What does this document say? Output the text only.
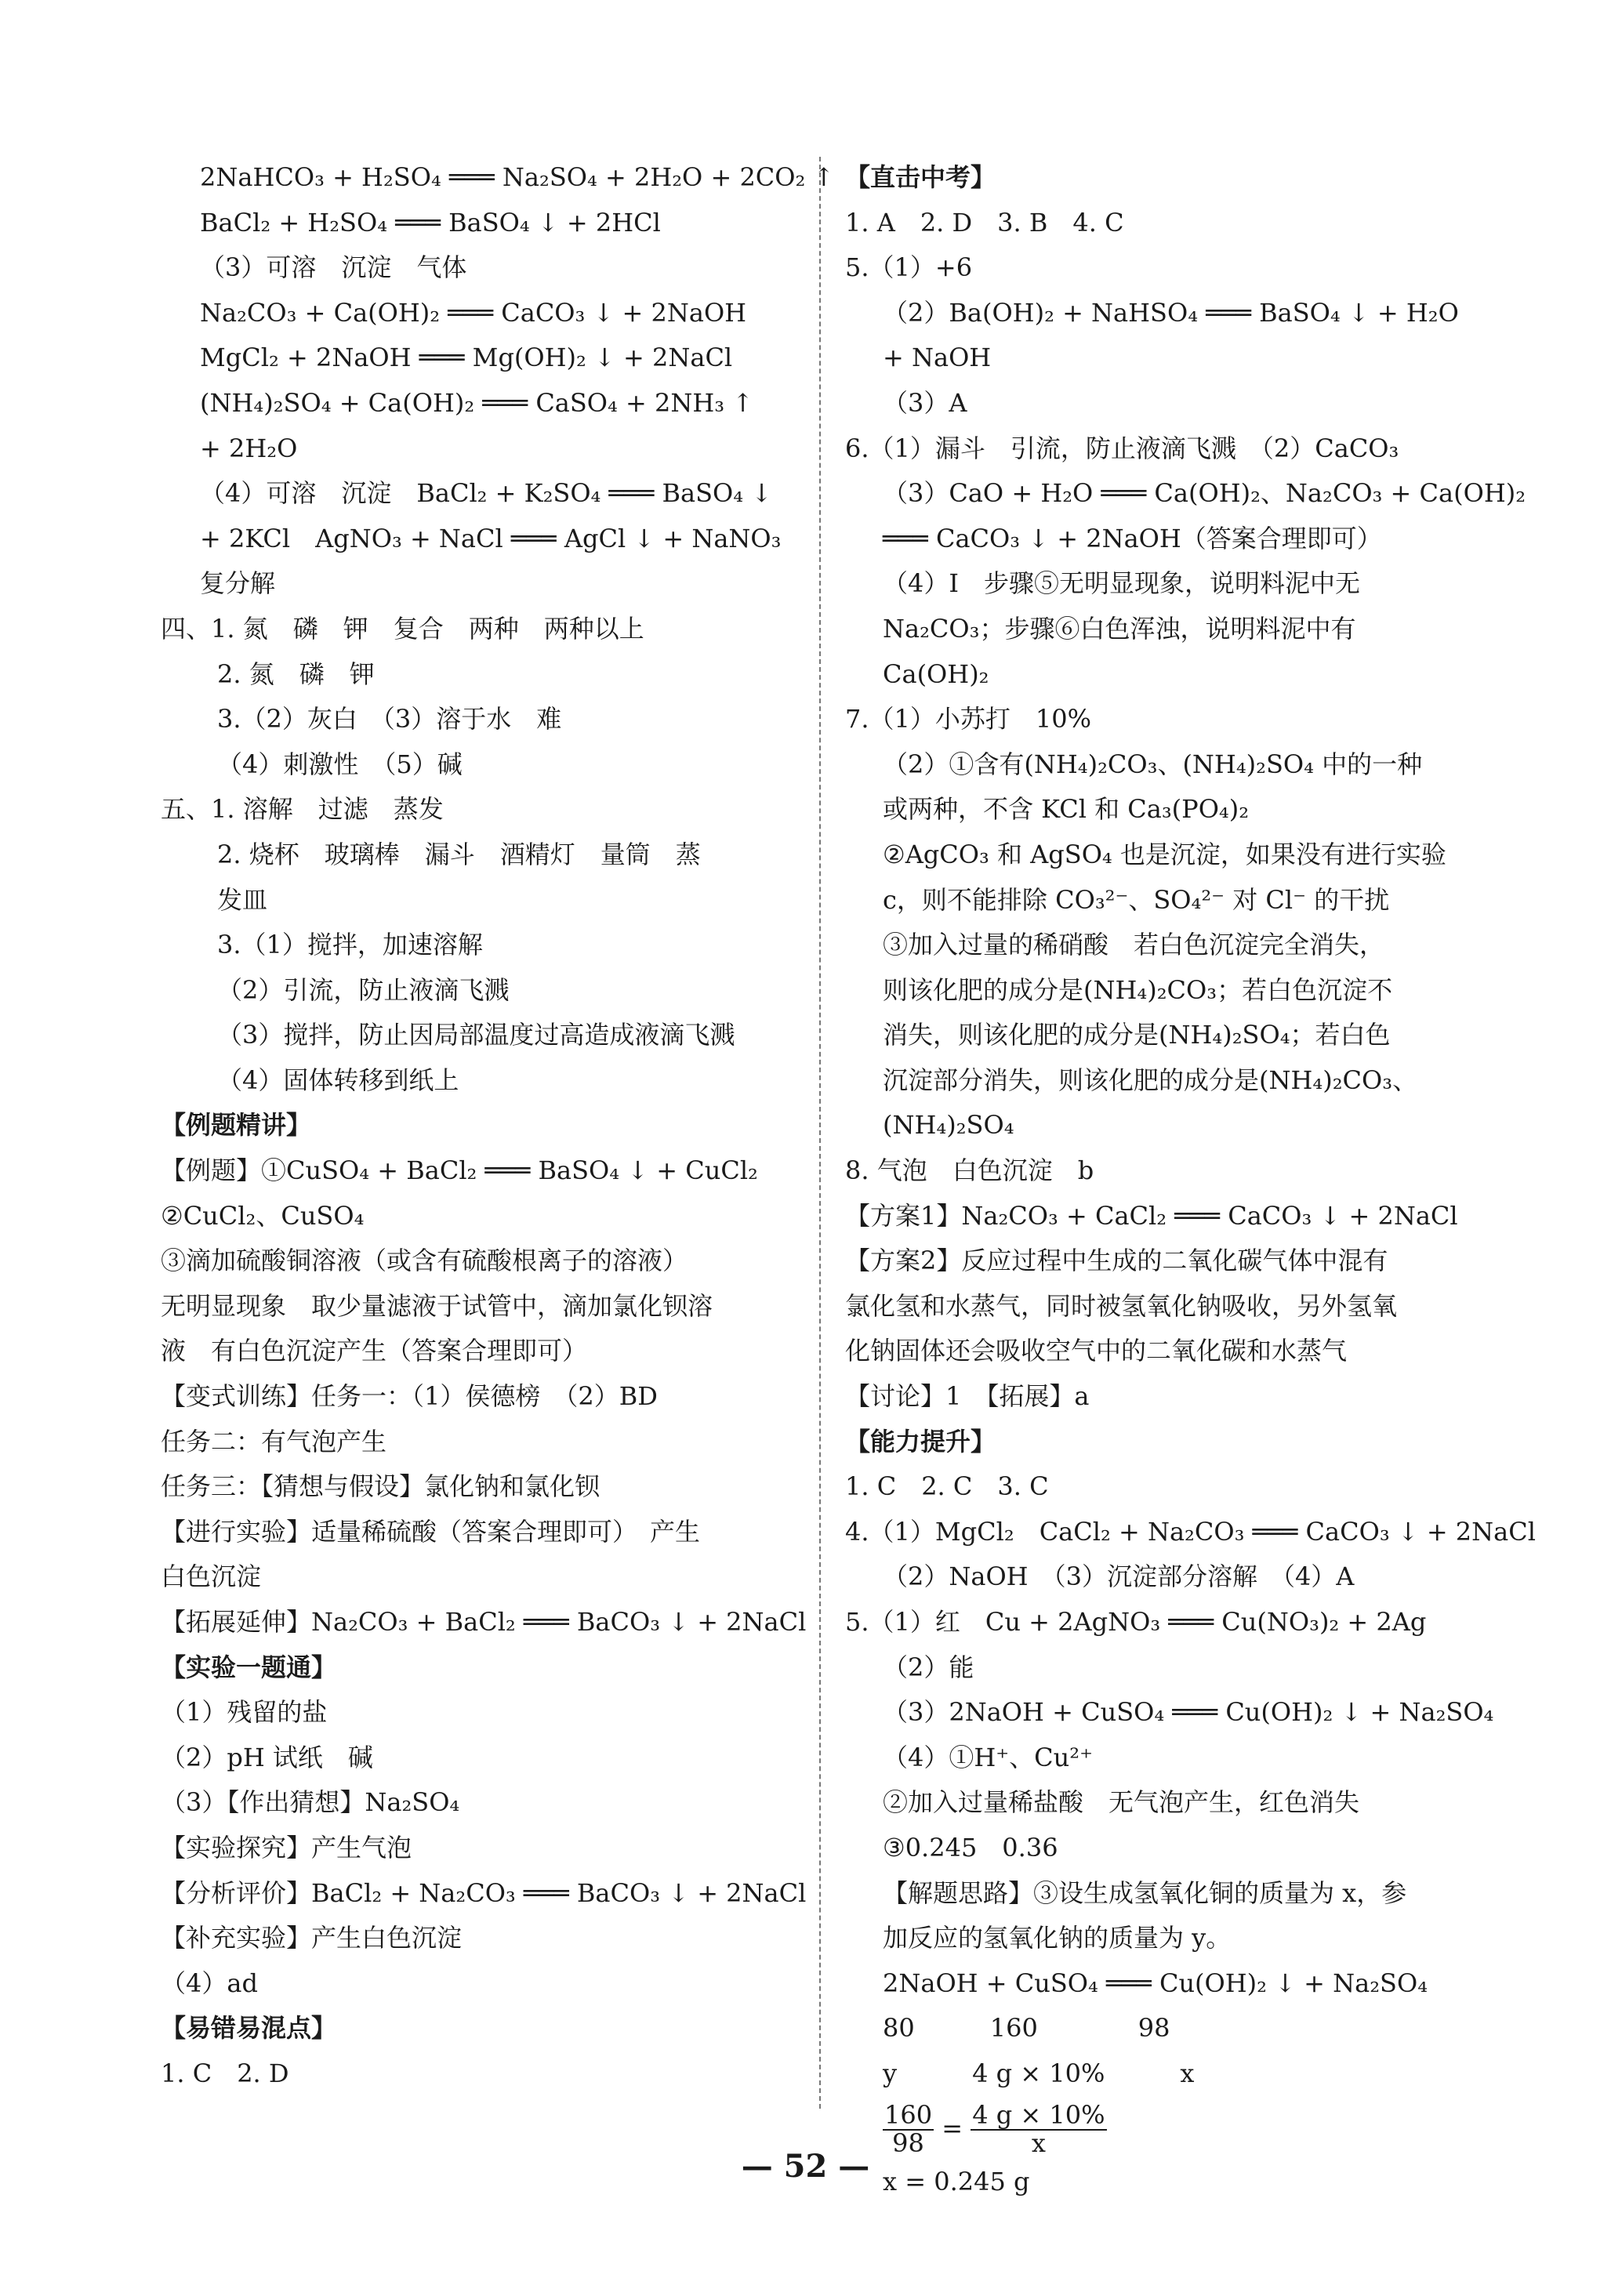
2NaHCO₃ + H₂SO₄ ═══ Na₂SO₄ + 2H₂O + 2CO₂ ↑
BaCl₂ + H₂SO₄ ═══ BaSO₄ ↓ + 2HCl
（3）可溶　沉淀　气体
Na₂CO₃ + Ca(OH)₂ ═══ CaCO₃ ↓ + 2NaOH
MgCl₂ + 2NaOH ═══ Mg(OH)₂ ↓ + 2NaCl
(NH₄)₂SO₄ + Ca(OH)₂ ═══ CaSO₄ + 2NH₃ ↑
+ 2H₂O
（4）可溶　沉淀　BaCl₂ + K₂SO₄ ═══ BaSO₄ ↓
+ 2KCl　AgNO₃ + NaCl ═══ AgCl ↓ + NaNO₃
复分解
四、1. 氮　磷　钾　复合　两种　两种以上
2. 氮　磷　钾
3.（2）灰白　（3）溶于水　难
（4）刺激性　（5）碱
五、1. 溶解　过滤　蒸发
2. 烧杯　玻璃棒　漏斗　酒精灯　量筒　蒸
发皿
3.（1）搅拌，加速溶解
（2）引流，防止液滴飞溅
（3）搅拌，防止因局部温度过高造成液滴飞溅
（4）固体转移到纸上
【例题精讲】
【例题】①CuSO₄ + BaCl₂ ═══ BaSO₄ ↓ + CuCl₂
②CuCl₂、CuSO₄
③滴加硫酸铜溶液（或含有硫酸根离子的溶液）
无明显现象　取少量滤液于试管中，滴加氯化钡溶
液　有白色沉淀产生（答案合理即可）
【变式训练】任务一：（1）侯德榜　（2）BD
任务二：有气泡产生
任务三：【猜想与假设】氯化钠和氯化钡
【进行实验】适量稀硫酸（答案合理即可）　产生
白色沉淀
【拓展延伸】Na₂CO₃ + BaCl₂ ═══ BaCO₃ ↓ + 2NaCl
【实验一题通】
（1）残留的盐
（2）pH 试纸　碱
（3）【作出猜想】Na₂SO₄
【实验探究】产生气泡
【分析评价】BaCl₂ + Na₂CO₃ ═══ BaCO₃ ↓ + 2NaCl
【补充实验】产生白色沉淀
（4）ad
【易错易混点】
1. C　2. D
【直击中考】
1. A　2. D　3. B　4. C
5.（1）+6
（2）Ba(OH)₂ + NaHSO₄ ═══ BaSO₄ ↓ + H₂O
+ NaOH
（3）A
6.（1）漏斗　引流，防止液滴飞溅　（2）CaCO₃
（3）CaO + H₂O ═══ Ca(OH)₂、Na₂CO₃ + Ca(OH)₂
═══ CaCO₃ ↓ + 2NaOH（答案合理即可）
（4）I　步骤⑤无明显现象，说明料泥中无
Na₂CO₃；步骤⑥白色浑浊，说明料泥中有
Ca(OH)₂
7.（1）小苏打　10%
（2）①含有(NH₄)₂CO₃、(NH₄)₂SO₄ 中的一种
或两种，不含 KCl 和 Ca₃(PO₄)₂
②AgCO₃ 和 AgSO₄ 也是沉淀，如果没有进行实验
c，则不能排除 CO₃²⁻、SO₄²⁻ 对 Cl⁻ 的干扰
③加入过量的稀硝酸　若白色沉淀完全消失，
则该化肥的成分是(NH₄)₂CO₃；若白色沉淀不
消失，则该化肥的成分是(NH₄)₂SO₄；若白色
沉淀部分消失，则该化肥的成分是(NH₄)₂CO₃、
(NH₄)₂SO₄
8. 气泡　白色沉淀　b
【方案1】Na₂CO₃ + CaCl₂ ═══ CaCO₃ ↓ + 2NaCl
【方案2】反应过程中生成的二氧化碳气体中混有
氯化氢和水蒸气，同时被氢氧化钠吸收，另外氢氧
化钠固体还会吸收空气中的二氧化碳和水蒸气
【讨论】1　【拓展】a
【能力提升】
1. C　2. C　3. C
4.（1）MgCl₂　CaCl₂ + Na₂CO₃ ═══ CaCO₃ ↓ + 2NaCl
（2）NaOH　（3）沉淀部分溶解　（4）A
5.（1）红　Cu + 2AgNO₃ ═══ Cu(NO₃)₂ + 2Ag
（2）能
（3）2NaOH + CuSO₄ ═══ Cu(OH)₂ ↓ + Na₂SO₄
（4）①H⁺、Cu²⁺
②加入过量稀盐酸　无气泡产生，红色消失
③0.245　0.36
【解题思路】③设生成氢氧化铜的质量为 x，参
加反应的氢氧化钠的质量为 y。
2NaOH + CuSO₄ ═══ Cu(OH)₂ ↓ + Na₂SO₄
80　　　160　　　　98
y　　　4 g × 10%　　　x
$\frac{160}{98} = \frac{4 g \times 10\%}{x}$
x = 0.245 g
— 52 —
